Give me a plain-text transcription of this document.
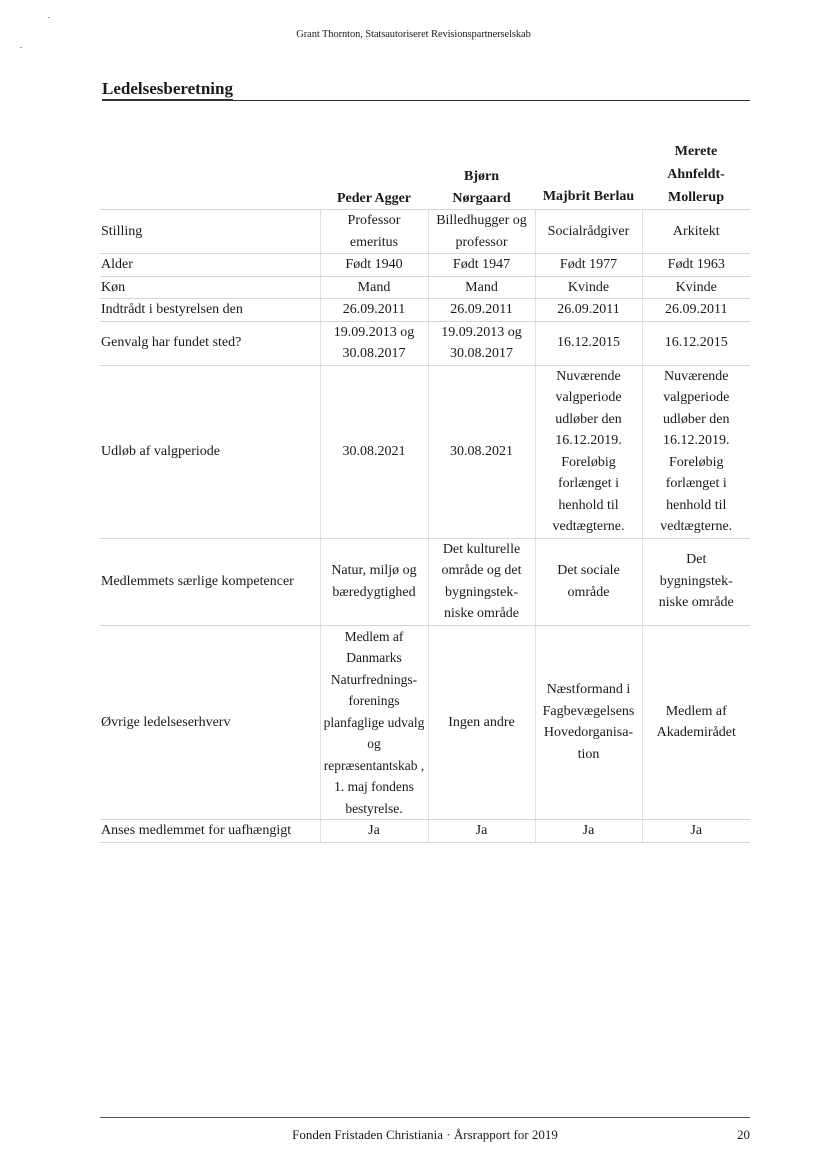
Grant Thornton, Statsautoriseret Revisionspartnerselskab
Ledelsesberetning
	Peder Agger	Bjørn Nørgaard	Majbrit Berlau	Merete Ahnfeldt-Mollerup
Stilling	Professor emeritus	Billedhugger og professor	Socialrådgiver	Arkitekt
Alder	Født 1940	Født 1947	Født 1977	Født 1963
Køn	Mand	Mand	Kvinde	Kvinde
Indtrådt i bestyrelsen den	26.09.2011	26.09.2011	26.09.2011	26.09.2011
Genvalg har fundet sted?	19.09.2013 og 30.08.2017	19.09.2013 og 30.08.2017	16.12.2015	16.12.2015
Udløb af valgperiode	30.08.2021	30.08.2021	Nuværende valgperiode udløber den 16.12.2019. Foreløbig forlænget i henhold til vedtægterne.	Nuværende valgperiode udløber den 16.12.2019. Foreløbig forlænget i henhold til vedtægterne.
Medlemmets særlige kompetencer	Natur, miljø og bæredygtighed	Det kulturelle område og det bygningstek-niske område	Det sociale område	Det bygningstek-niske område
Øvrige ledelseserhverv	Medlem af Danmarks Naturfrednings-forenings planfaglige udvalg og repræsentantskab , 1. maj fondens bestyrelse.	Ingen andre	Næstformand i Fagbevægelsens Hovedorganisa-tion	Medlem af Akademirådet
Anses medlemmet for uafhængigt	Ja	Ja	Ja	Ja
Fonden Fristaden Christiania · Årsrapport for 2019	20
